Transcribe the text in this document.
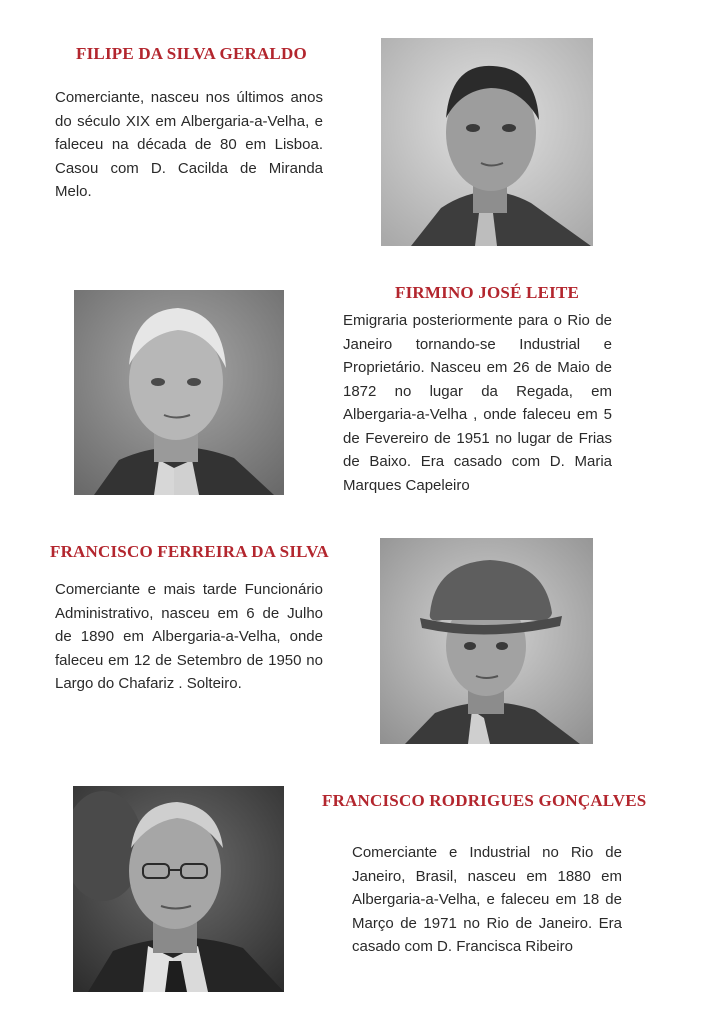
FILIPE DA SILVA GERALDO

Comerciante, nasceu nos últimos anos do século XIX em Albergaria-a-Velha, e faleceu na década de 80 em Lisboa. Casou com D. Cacilda de Miranda Melo.

FIRMINO JOSÉ LEITE

Emigraria posteriormente para o Rio de Janeiro tornando-se Industrial e Proprietário. Nasceu em 26 de Maio de 1872 no lugar da Regada, em Albergaria-a-Velha , onde faleceu em 5 de Fevereiro de 1951 no lugar de Frias de Baixo. Era casado com D. Maria Marques Capeleiro

FRANCISCO FERREIRA DA SILVA

Comerciante e mais tarde Funcionário Administrativo, nasceu em 6 de Julho de 1890 em Albergaria-a-Velha, onde faleceu em 12 de Setembro de 1950 no Largo do Chafariz . Solteiro.

FRANCISCO RODRIGUES GONÇALVES

Comerciante e Industrial no Rio de Janeiro, Brasil, nasceu em 1880 em Albergaria-a-Velha, e faleceu em 18 de Março de 1971 no Rio de Janeiro. Era casado com D. Francisca Ribeiro
